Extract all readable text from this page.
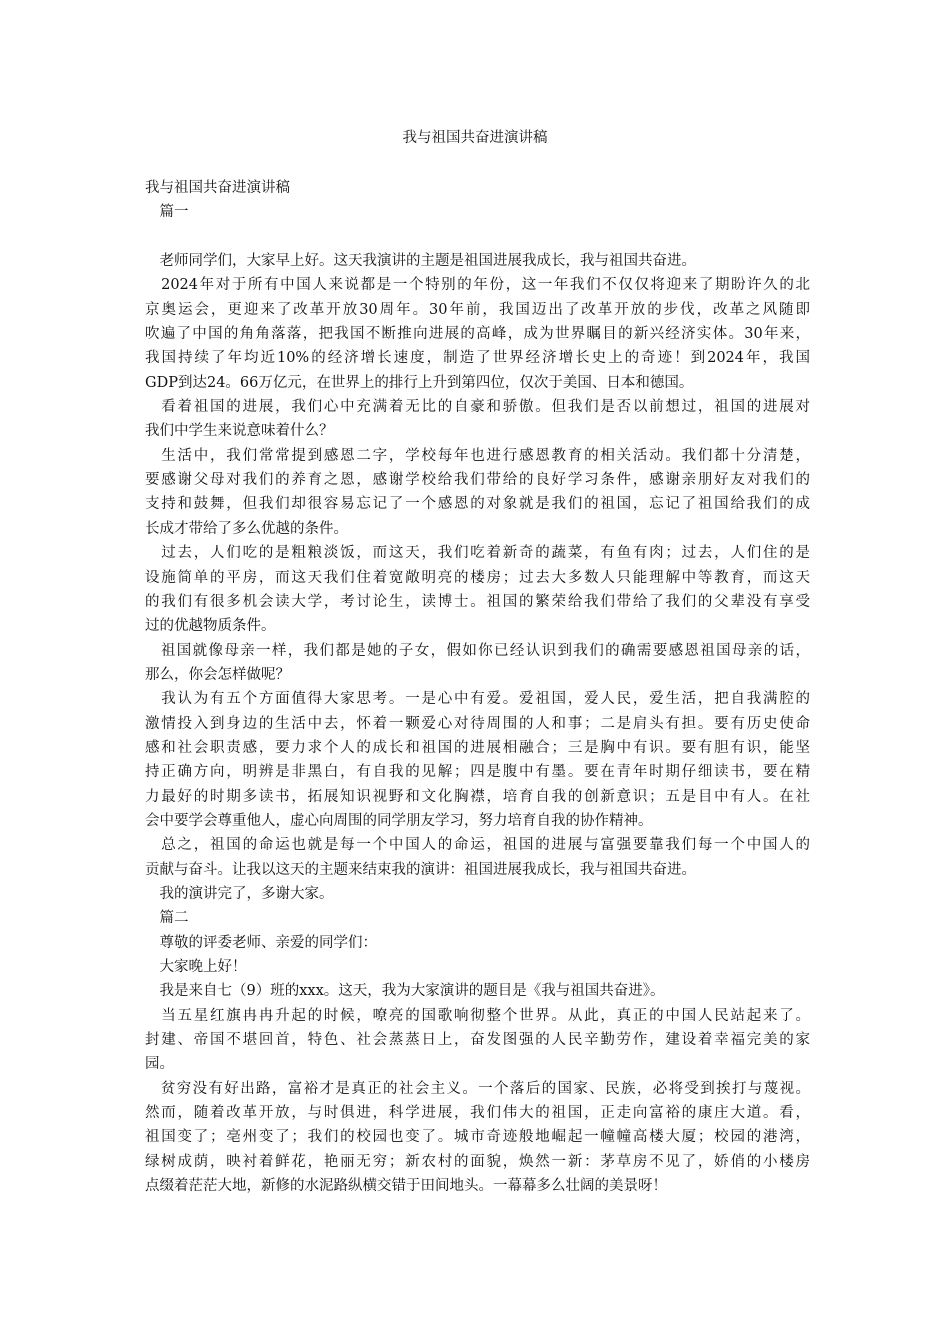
我与祖国共奋进演讲稿
我与祖国共奋进演讲稿
　篇一
　老师同学们，大家早上好。这天我演讲的主题是祖国进展我成长，我与祖国共奋进。
　2024年对于所有中国人来说都是一个特别的年份，这一年我们不仅仅将迎来了期盼许久的北
京奥运会，更迎来了改革开放30周年。30年前，我国迈出了改革开放的步伐，改革之风随即
吹遍了中国的角角落落，把我国不断推向进展的高峰，成为世界瞩目的新兴经济实体。30年来，
我国持续了年均近10%的经济增长速度，制造了世界经济增长史上的奇迹！到2024年，我国
GDP到达24。66万亿元，在世界上的排行上升到第四位，仅次于美国、日本和德国。
　看着祖国的进展，我们心中充满着无比的自豪和骄傲。但我们是否以前想过，祖国的进展对
我们中学生来说意味着什么？
　生活中，我们常常提到感恩二字，学校每年也进行感恩教育的相关活动。我们都十分清楚，
要感谢父母对我们的养育之恩，感谢学校给我们带给的良好学习条件，感谢亲朋好友对我们的
支持和鼓舞，但我们却很容易忘记了一个感恩的对象就是我们的祖国，忘记了祖国给我们的成
长成才带给了多么优越的条件。
　过去，人们吃的是粗粮淡饭，而这天，我们吃着新奇的蔬菜，有鱼有肉；过去，人们住的是
设施简单的平房，而这天我们住着宽敞明亮的楼房；过去大多数人只能理解中等教育，而这天
的我们有很多机会读大学，考讨论生，读博士。祖国的繁荣给我们带给了我们的父辈没有享受
过的优越物质条件。
　祖国就像母亲一样，我们都是她的子女，假如你已经认识到我们的确需要感恩祖国母亲的话，
那么，你会怎样做呢？
　我认为有五个方面值得大家思考。一是心中有爱。爱祖国，爱人民，爱生活，把自我满腔的
激情投入到身边的生活中去，怀着一颗爱心对待周围的人和事；二是肩头有担。要有历史使命
感和社会职责感，要力求个人的成长和祖国的进展相融合；三是胸中有识。要有胆有识，能坚
持正确方向，明辨是非黑白，有自我的见解；四是腹中有墨。要在青年时期仔细读书，要在精
力最好的时期多读书，拓展知识视野和文化胸襟，培育自我的创新意识；五是目中有人。在社
会中要学会尊重他人，虚心向周围的同学朋友学习，努力培育自我的协作精神。
　总之，祖国的命运也就是每一个中国人的命运，祖国的进展与富强要靠我们每一个中国人的
贡献与奋斗。让我以这天的主题来结束我的演讲：祖国进展我成长，我与祖国共奋进。
　我的演讲完了，多谢大家。
　篇二
　尊敬的评委老师、亲爱的同学们：
　大家晚上好！
　我是来自七（9）班的xxx。这天，我为大家演讲的题目是《我与祖国共奋进》。
　当五星红旗冉冉升起的时候，嘹亮的国歌响彻整个世界。从此，真正的中国人民站起来了。
封建、帝国不堪回首，特色、社会蒸蒸日上，奋发图强的人民辛勤劳作，建设着幸福完美的家
园。
　贫穷没有好出路，富裕才是真正的社会主义。一个落后的国家、民族，必将受到挨打与蔑视。
然而，随着改革开放，与时俱进，科学进展，我们伟大的祖国，正走向富裕的康庄大道。看，
祖国变了；亳州变了；我们的校园也变了。城市奇迹般地崛起一幢幢高楼大厦；校园的港湾，
绿树成荫，映衬着鲜花，艳丽无穷；新农村的面貌，焕然一新：茅草房不见了，娇俏的小楼房
点缀着茫茫大地，新修的水泥路纵横交错于田间地头。一幕幕多么壮阔的美景呀！
